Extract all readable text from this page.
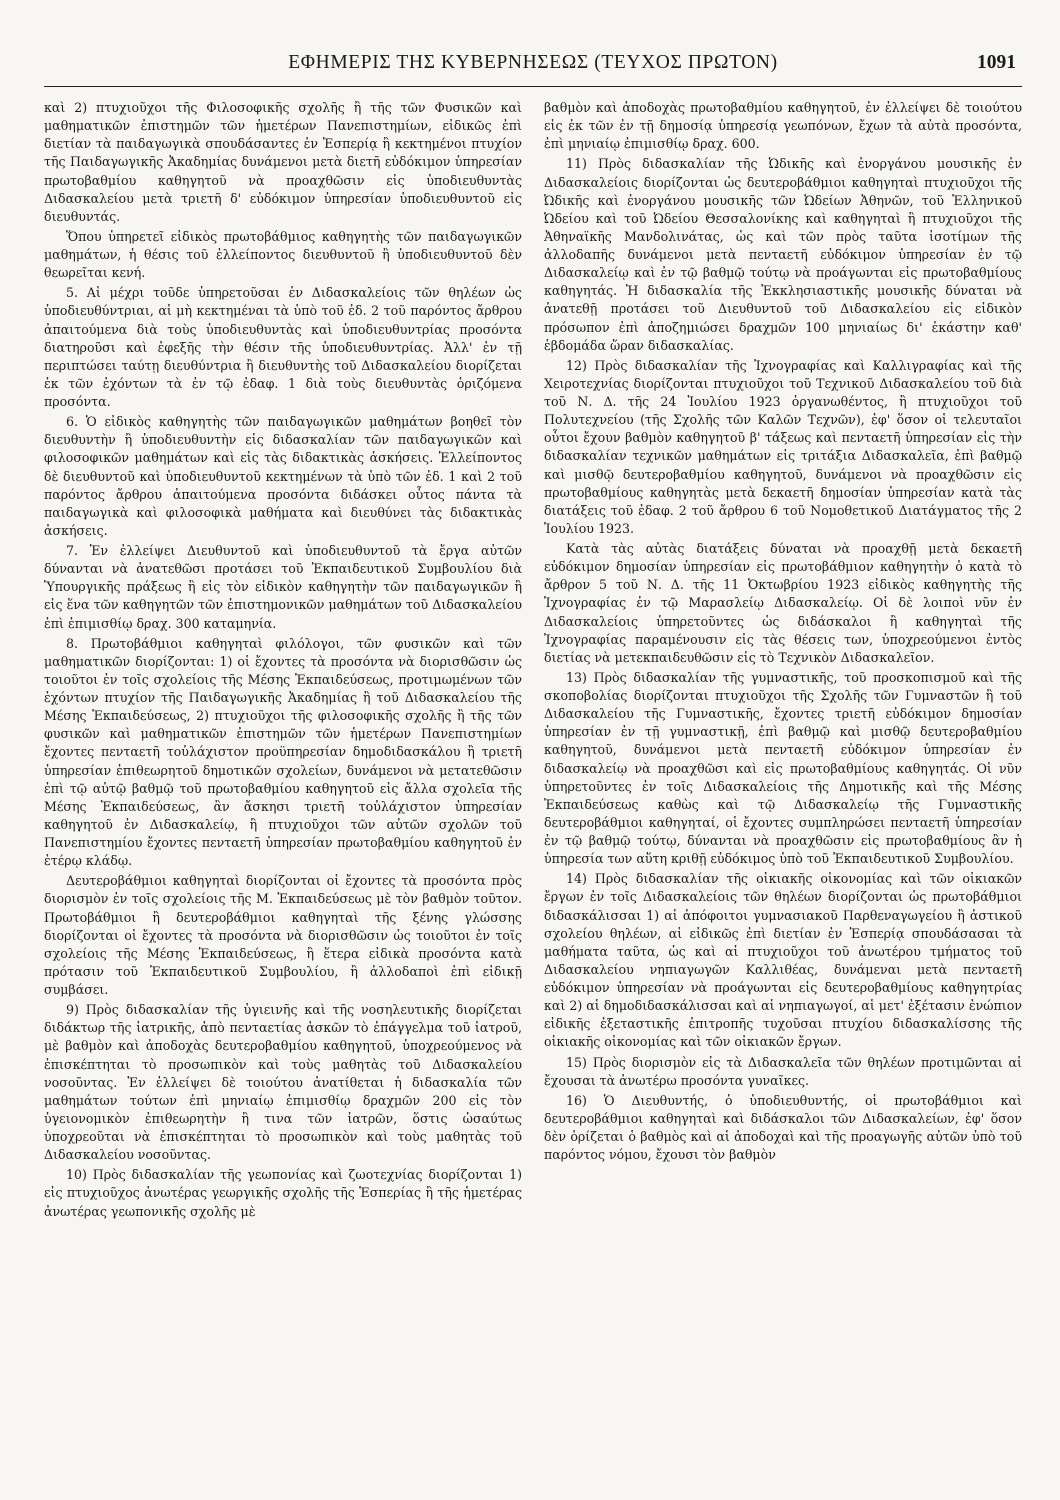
ΕΦΗΜΕΡΙΣ ΤΗΣ ΚΥΒΕΡΝΗΣΕΩΣ (ΤΕΥΧΟΣ ΠΡΩΤΟΝ)	1091

καὶ 2) πτυχιοῦχοι τῆς Φιλοσοφικῆς σχολῆς ἢ τῆς τῶν Φυσικῶν καὶ μαθηματικῶν ἐπιστημῶν τῶν ἡμετέρων Πανεπιστημίων, εἰδικῶς ἐπὶ διετίαν τὰ παιδαγωγικὰ σπουδάσαντες ἐν Ἑσπερίᾳ ἢ κεκτημένοι πτυχίον τῆς Παιδαγωγικῆς Ἀκαδημίας δυνάμενοι μετὰ διετῆ εὐδόκιμον ὑπηρεσίαν πρωτοβαθμίου καθηγητοῦ νὰ προαχθῶσιν εἰς ὑποδιευθυντὰς Διδασκαλείου μετὰ τριετῆ δ' εὐδόκιμον ὑπηρεσίαν ὑποδιευθυντοῦ εἰς διευθυντάς.

Ὅπου ὑπηρετεῖ εἰδικὸς πρωτοβάθμιος καθηγητὴς τῶν παιδαγωγικῶν μαθημάτων, ἡ θέσις τοῦ ἐλλείποντος διευθυντοῦ ἢ ὑποδιευθυντοῦ δὲν θεωρεῖται κενή.

5. Αἱ μέχρι τοῦδε ὑπηρετοῦσαι ἐν Διδασκαλείοις τῶν θηλέων ὡς ὑποδιευθύντριαι, αἱ μὴ κεκτημέναι τὰ ὑπὸ τοῦ ἐδ. 2 τοῦ παρόντος ἄρθρου ἀπαιτούμενα διὰ τοὺς ὑποδιευθυντὰς καὶ ὑποδιευθυντρίας προσόντα διατηροῦσι καὶ ἐφεξῆς τὴν θέσιν τῆς ὑποδιευθυντρίας. Ἀλλ' ἐν τῇ περιπτώσει ταύτῃ διευθύντρια ἢ διευθυντὴς τοῦ Διδασκαλείου διορίζεται ἐκ τῶν ἐχόντων τὰ ἐν τῷ ἐδαφ. 1 διὰ τοὺς διευθυντὰς ὁριζόμενα προσόντα.

6. Ὁ εἰδικὸς καθηγητὴς τῶν παιδαγωγικῶν μαθημάτων βοηθεῖ τὸν διευθυντὴν ἢ ὑποδιευθυντὴν εἰς διδασκαλίαν τῶν παιδαγωγικῶν καὶ φιλοσοφικῶν μαθημάτων καὶ εἰς τὰς διδακτικὰς ἀσκήσεις. Ἐλλείποντος δὲ διευθυντοῦ καὶ ὑποδιευθυντοῦ κεκτημένων τὰ ὑπὸ τῶν ἐδ. 1 καὶ 2 τοῦ παρόντος ἄρθρου ἀπαιτούμενα προσόντα διδάσκει οὗτος πάντα τὰ παιδαγωγικὰ καὶ φιλοσοφικὰ μαθήματα καὶ διευθύνει τὰς διδακτικὰς ἀσκήσεις.

7. Ἐν ἐλλείψει Διευθυντοῦ καὶ ὑποδιευθυντοῦ τὰ ἔργα αὐτῶν δύνανται νὰ ἀνατεθῶσι προτάσει τοῦ Ἐκπαιδευτικοῦ Συμβουλίου διὰ Ὑπουργικῆς πράξεως ἢ εἰς τὸν εἰδικὸν καθηγητὴν τῶν παιδαγωγικῶν ἢ εἰς ἕνα τῶν καθηγητῶν τῶν ἐπιστημονικῶν μαθημάτων τοῦ Διδασκαλείου ἐπὶ ἐπιμισθίῳ δραχ. 300 καταμηνία.

8. Πρωτοβάθμιοι καθηγηταὶ φιλόλογοι, τῶν φυσικῶν καὶ τῶν μαθηματικῶν διορίζονται: 1) οἱ ἔχοντες τὰ προσόντα νὰ διορισθῶσιν ὡς τοιοῦτοι ἐν τοῖς σχολείοις τῆς Μέσης Ἐκπαιδεύσεως, προτιμωμένων τῶν ἐχόντων πτυχίον τῆς Παιδαγωγικῆς Ἀκαδημίας ἢ τοῦ Διδασκαλείου τῆς Μέσης Ἐκπαιδεύσεως, 2) πτυχιοῦχοι τῆς φιλοσοφικῆς σχολῆς ἢ τῆς τῶν φυσικῶν καὶ μαθηματικῶν ἐπιστημῶν τῶν ἡμετέρων Πανεπιστημίων ἔχοντες πενταετῆ τοὐλάχιστον προϋπηρεσίαν δημοδιδασκάλου ἢ τριετῆ ὑπηρεσίαν ἐπιθεωρητοῦ δημοτικῶν σχολείων, δυνάμενοι νὰ μετατεθῶσιν ἐπὶ τῷ αὐτῷ βαθμῷ τοῦ πρωτοβαθμίου καθηγητοῦ εἰς ἄλλα σχολεῖα τῆς Μέσης Ἐκπαιδεύσεως, ἂν ἄσκησι τριετῆ τοὐλάχιστον ὑπηρεσίαν καθηγητοῦ ἐν Διδασκαλείῳ, ἢ πτυχιοῦχοι τῶν αὐτῶν σχολῶν τοῦ Πανεπιστημίου ἔχοντες πενταετῆ ὑπηρεσίαν πρωτοβαθμίου καθηγητοῦ ἐν ἑτέρῳ κλάδῳ.

Δευτεροβάθμιοι καθηγηταὶ διορίζονται οἱ ἔχοντες τὰ προσόντα πρὸς διορισμὸν ἐν τοῖς σχολείοις τῆς Μ. Ἐκπαιδεύσεως μὲ τὸν βαθμὸν τοῦτον. Πρωτοβάθμιοι ἢ δευτεροβάθμιοι καθηγηταὶ τῆς ξένης γλώσσης διορίζονται οἱ ἔχοντες τὰ προσόντα νὰ διορισθῶσιν ὡς τοιοῦτοι ἐν τοῖς σχολείοις τῆς Μέσης Ἐκπαιδεύσεως, ἢ ἕτερα εἰδικὰ προσόντα κατὰ πρότασιν τοῦ Ἐκπαιδευτικοῦ Συμβουλίου, ἢ ἀλλοδαποὶ ἐπὶ εἰδικῇ συμβάσει.

9) Πρὸς διδασκαλίαν τῆς ὑγιεινῆς καὶ τῆς νοσηλευτικῆς διορίζεται διδάκτωρ τῆς ἰατρικῆς, ἀπὸ πενταετίας ἀσκῶν τὸ ἐπάγγελμα τοῦ ἰατροῦ, μὲ βαθμὸν καὶ ἀποδοχὰς δευτεροβαθμίου καθηγητοῦ, ὑποχρεούμενος νὰ ἐπισκέπτηται τὸ προσωπικὸν καὶ τοὺς μαθητὰς τοῦ Διδασκαλείου νοσοῦντας. Ἐν ἐλλείψει δὲ τοιούτου ἀνατίθεται ἡ διδασκαλία τῶν μαθημάτων τούτων ἐπὶ μηνιαίῳ ἐπιμισθίῳ δραχμῶν 200 εἰς τὸν ὑγειονομικὸν ἐπιθεωρητὴν ἢ τινα τῶν ἰατρῶν, ὅστις ὡσαύτως ὑποχρεοῦται νὰ ἐπισκέπτηται τὸ προσωπικὸν καὶ τοὺς μαθητὰς τοῦ Διδασκαλείου νοσοῦντας.

10) Πρὸς διδασκαλίαν τῆς γεωπονίας καὶ ζωοτεχνίας διορίζονται 1) εἰς πτυχιοῦχος ἀνωτέρας γεωργικῆς σχολῆς τῆς Ἑσπερίας ἢ τῆς ἡμετέρας ἀνωτέρας γεωπονικῆς σχολῆς μὲ

βαθμὸν καὶ ἀποδοχὰς πρωτοβαθμίου καθηγητοῦ, ἐν ἐλλείψει δὲ τοιούτου εἰς ἐκ τῶν ἐν τῇ δημοσίᾳ ὑπηρεσίᾳ γεωπόνων, ἔχων τὰ αὐτὰ προσόντα, ἐπὶ μηνιαίῳ ἐπιμισθίῳ δραχ. 600.

11) Πρὸς διδασκαλίαν τῆς Ὠδικῆς καὶ ἐνοργάνου μουσικῆς ἐν Διδασκαλείοις διορίζονται ὡς δευτεροβάθμιοι καθηγηταὶ πτυχιοῦχοι τῆς Ὠδικῆς καὶ ἐνοργάνου μουσικῆς τῶν Ὠδείων Ἀθηνῶν, τοῦ Ἑλληνικοῦ Ὠδείου καὶ τοῦ Ὠδείου Θεσσαλονίκης καὶ καθηγηταὶ ἢ πτυχιοῦχοι τῆς Ἀθηναϊκῆς Μανδολινάτας, ὡς καὶ τῶν πρὸς ταῦτα ἰσοτίμων τῆς ἀλλοδαπῆς δυνάμενοι μετὰ πενταετῆ εὐδόκιμον ὑπηρεσίαν ἐν τῷ Διδασκαλείῳ καὶ ἐν τῷ βαθμῷ τούτῳ νὰ προάγωνται εἰς πρωτοβαθμίους καθηγητάς. Ἡ διδασκαλία τῆς Ἐκκλησιαστικῆς μουσικῆς δύναται νὰ ἀνατεθῇ προτάσει τοῦ Διευθυντοῦ τοῦ Διδασκαλείου εἰς εἰδικὸν πρόσωπον ἐπὶ ἀποζημιώσει δραχμῶν 100 μηνιαίως δι' ἑκάστην καθ' ἑβδομάδα ὥραν διδασκαλίας.

12) Πρὸς διδασκαλίαν τῆς Ἰχνογραφίας καὶ Καλλιγραφίας καὶ τῆς Χειροτεχνίας διορίζονται πτυχιοῦχοι τοῦ Τεχνικοῦ Διδασκαλείου τοῦ διὰ τοῦ Ν. Δ. τῆς 24 Ἰουλίου 1923 ὀργανωθέντος, ἢ πτυχιοῦχοι τοῦ Πολυτεχνείου (τῆς Σχολῆς τῶν Καλῶν Τεχνῶν), ἐφ' ὅσον οἱ τελευταῖοι οὗτοι ἔχουν βαθμὸν καθηγητοῦ β' τάξεως καὶ πενταετῆ ὑπηρεσίαν εἰς τὴν διδασκαλίαν τεχνικῶν μαθημάτων εἰς τριτάξια Διδασκαλεῖα, ἐπὶ βαθμῷ καὶ μισθῷ δευτεροβαθμίου καθηγητοῦ, δυνάμενοι νὰ προαχθῶσιν εἰς πρωτοβαθμίους καθηγητὰς μετὰ δεκαετῆ δημοσίαν ὑπηρεσίαν κατὰ τὰς διατάξεις τοῦ ἐδαφ. 2 τοῦ ἄρθρου 6 τοῦ Νομοθετικοῦ Διατάγματος τῆς 2 Ἰουλίου 1923.

Κατὰ τὰς αὐτὰς διατάξεις δύναται νὰ προαχθῇ μετὰ δεκαετῆ εὐδόκιμον δημοσίαν ὑπηρεσίαν εἰς πρωτοβάθμιον καθηγητὴν ὁ κατὰ τὸ ἄρθρον 5 τοῦ Ν. Δ. τῆς 11 Ὀκτωβρίου 1923 εἰδικὸς καθηγητὴς τῆς Ἰχνογραφίας ἐν τῷ Μαρασλείῳ Διδασκαλείῳ. Οἱ δὲ λοιποὶ νῦν ἐν Διδασκαλείοις ὑπηρετοῦντες ὡς διδάσκαλοι ἢ καθηγηταὶ τῆς Ἰχνογραφίας παραμένουσιν εἰς τὰς θέσεις των, ὑποχρεούμενοι ἐντὸς διετίας νὰ μετεκπαιδευθῶσιν εἰς τὸ Τεχνικὸν Διδασκαλεῖον.

13) Πρὸς διδασκαλίαν τῆς γυμναστικῆς, τοῦ προσκοπισμοῦ καὶ τῆς σκοποβολίας διορίζονται πτυχιοῦχοι τῆς Σχολῆς τῶν Γυμναστῶν ἢ τοῦ Διδασκαλείου τῆς Γυμναστικῆς, ἔχοντες τριετῆ εὐδόκιμον δημοσίαν ὑπηρεσίαν ἐν τῇ γυμναστικῇ, ἐπὶ βαθμῷ καὶ μισθῷ δευτεροβαθμίου καθηγητοῦ, δυνάμενοι μετὰ πενταετῆ εὐδόκιμον ὑπηρεσίαν ἐν διδασκαλείῳ νὰ προαχθῶσι καὶ εἰς πρωτοβαθμίους καθηγητάς. Οἱ νῦν ὑπηρετοῦντες ἐν τοῖς Διδασκαλείοις τῆς Δημοτικῆς καὶ τῆς Μέσης Ἐκπαιδεύσεως καθὼς καὶ τῷ Διδασκαλείῳ τῆς Γυμναστικῆς δευτεροβάθμιοι καθηγηταί, οἱ ἔχοντες συμπληρώσει πενταετῆ ὑπηρεσίαν ἐν τῷ βαθμῷ τούτῳ, δύνανται νὰ προαχθῶσιν εἰς πρωτοβαθμίους ἂν ἡ ὑπηρεσία των αὕτη κριθῇ εὐδόκιμος ὑπὸ τοῦ Ἐκπαιδευτικοῦ Συμβουλίου.

14) Πρὸς διδασκαλίαν τῆς οἰκιακῆς οἰκονομίας καὶ τῶν οἰκιακῶν ἔργων ἐν τοῖς Διδασκαλείοις τῶν θηλέων διορίζονται ὡς πρωτοβάθμιοι διδασκάλισσαι 1) αἱ ἀπόφοιτοι γυμνασιακοῦ Παρθεναγωγείου ἢ ἀστικοῦ σχολείου θηλέων, αἱ εἰδικῶς ἐπὶ διετίαν ἐν Ἑσπερίᾳ σπουδάσασαι τὰ μαθήματα ταῦτα, ὡς καὶ αἱ πτυχιοῦχοι τοῦ ἀνωτέρου τμήματος τοῦ Διδασκαλείου νηπιαγωγῶν Καλλιθέας, δυνάμεναι μετὰ πενταετῆ εὐδόκιμον ὑπηρεσίαν νὰ προάγωνται εἰς δευτεροβαθμίους καθηγητρίας καὶ 2) αἱ δημοδιδασκάλισσαι καὶ αἱ νηπιαγωγοί, αἱ μετ' ἐξέτασιν ἐνώπιον εἰδικῆς ἐξεταστικῆς ἐπιτροπῆς τυχοῦσαι πτυχίου διδασκαλίσσης τῆς οἰκιακῆς οἰκονομίας καὶ τῶν οἰκιακῶν ἔργων.

15) Πρὸς διορισμὸν εἰς τὰ Διδασκαλεῖα τῶν θηλέων προτιμῶνται αἱ ἔχουσαι τὰ ἀνωτέρω προσόντα γυναῖκες.

16) Ὁ Διευθυντής, ὁ ὑποδιευθυντής, οἱ πρωτοβάθμιοι καὶ δευτεροβάθμιοι καθηγηταὶ καὶ διδάσκαλοι τῶν Διδασκαλείων, ἐφ' ὅσον δὲν ὁρίζεται ὁ βαθμὸς καὶ αἱ ἀποδοχαὶ καὶ τῆς προαγωγῆς αὐτῶν ὑπὸ τοῦ παρόντος νόμου, ἔχουσι τὸν βαθμὸν
